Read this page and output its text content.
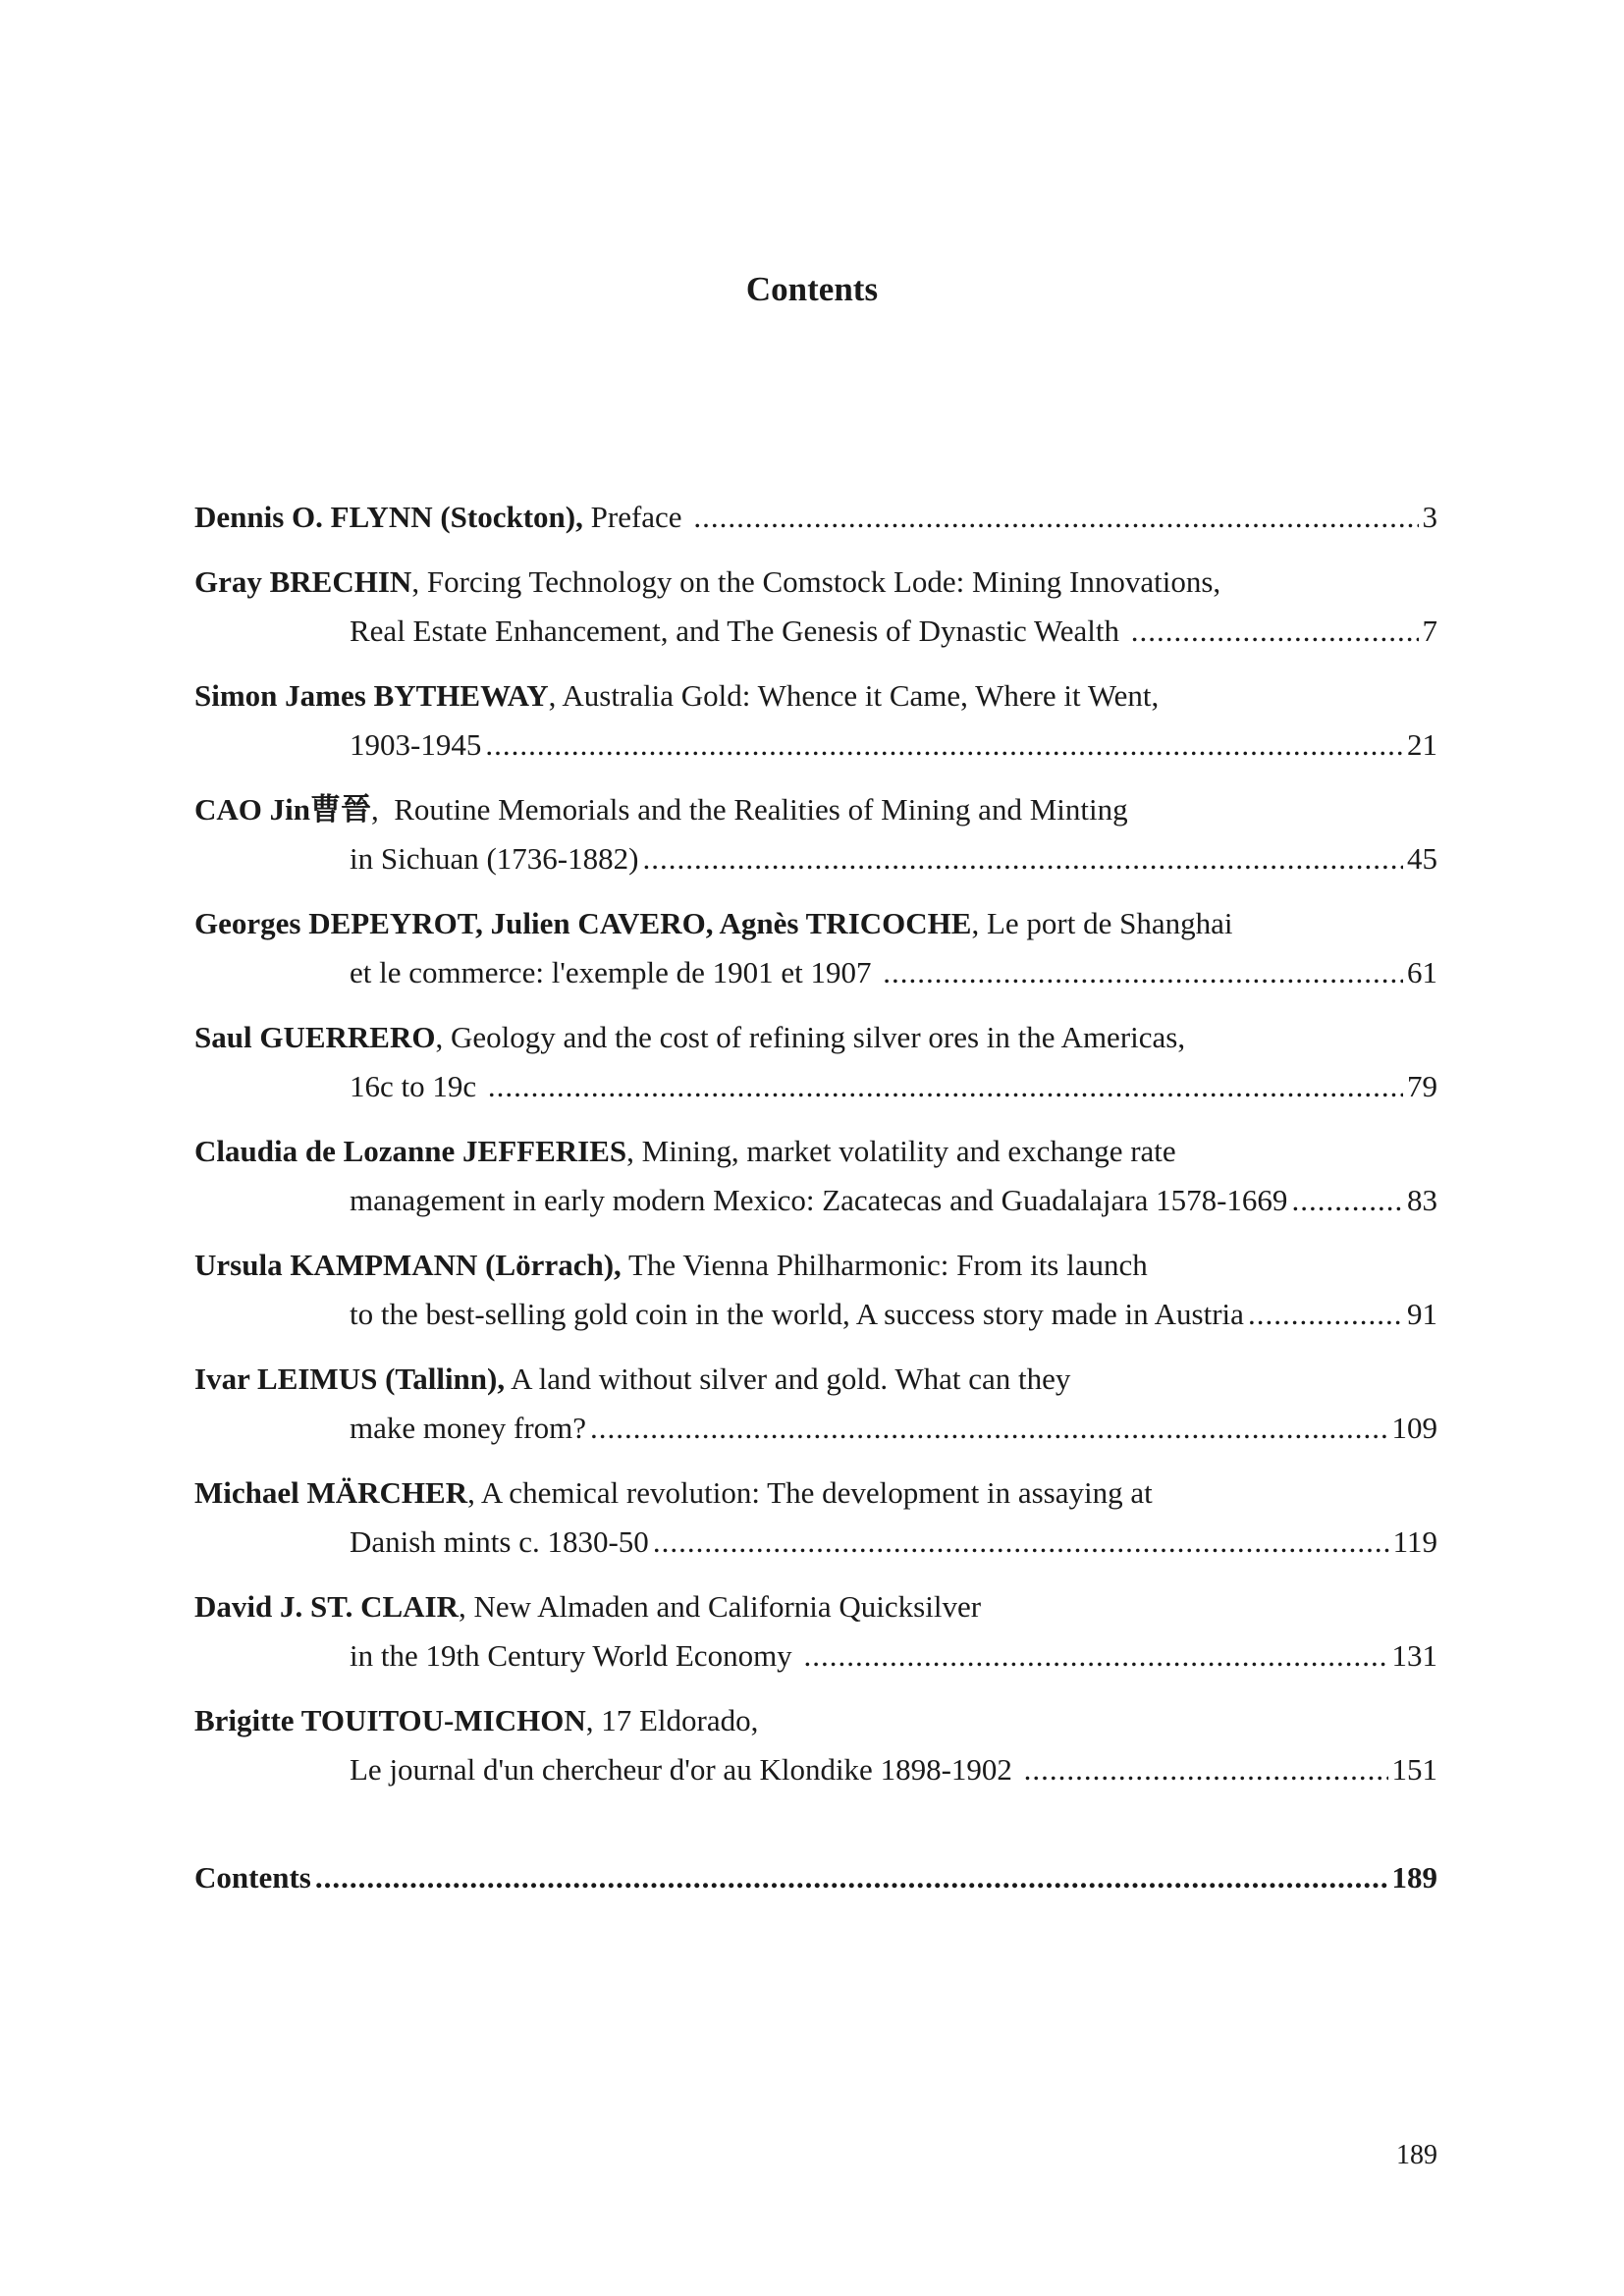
Contents
Dennis O. FLYNN (Stockton), Preface .....	3
Gray BRECHIN , Forcing Technology on the Comstock Lode: Mining Innovations,
Real Estate Enhancement, and The Genesis of Dynastic Wealth .....	7
Simon James BYTHEWAY , Australia Gold: Whence it Came, Where it Went,
1903-1945 .....	21
CAO Jin曹晉 ,  Routine Memorials and the Realities of Mining and Minting
in Sichuan (1736-1882) .....	45
Georges DEPEYROT, Julien CAVERO, Agnès TRICOCHE , Le port de Shanghai
et le commerce: l'exemple de 1901 et 1907 .....	61
Saul GUERRERO , Geology and the cost of refining silver ores in the Americas,
16c to 19c .....	79
Claudia de Lozanne JEFFERIES , Mining, market volatility and exchange rate
management in early modern Mexico: Zacatecas and Guadalajara 1578-1669 .....	83
Ursula KAMPMANN (Lörrach), The Vienna Philharmonic: From its launch
to the best-selling gold coin in the world, A success story made in Austria .....	91
Ivar LEIMUS (Tallinn), A land without silver and gold. What can they
make money from? .....	109
Michael MÄRCHER , A chemical revolution: The development in assaying at
Danish mints c. 1830-50 .....	119
David J. ST. CLAIR , New Almaden and California Quicksilver
in the 19th Century World Economy .....	131
Brigitte TOUITOU-MICHON , 17 Eldorado,
Le journal d'un chercheur d'or au Klondike 1898-1902 .....	151
Contents .....	189
189
